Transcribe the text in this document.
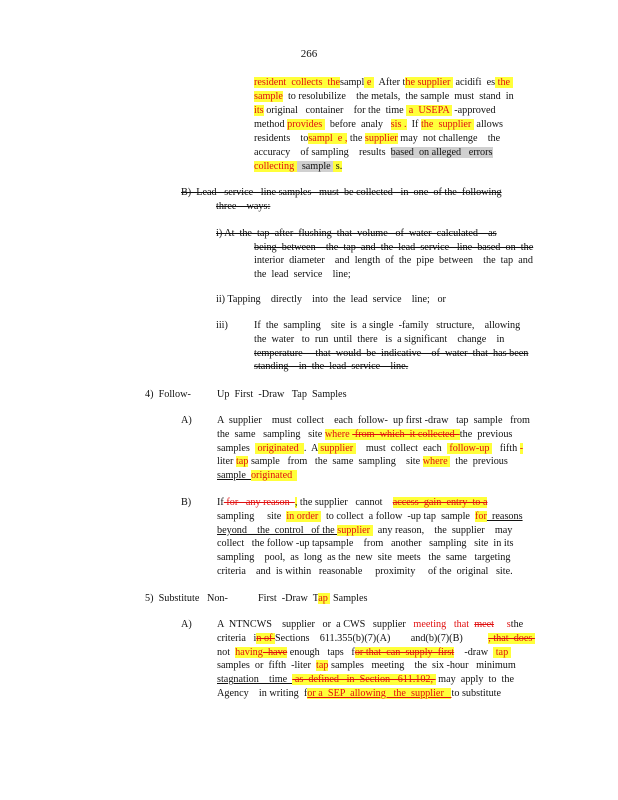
266
resident  collects  thesampl e   After the supplier  acidifi  es the
sample  to resolubilize    the metals,  the sample  must  stand  in
its original   container    for the  time  a  USEPA  -approved
method provides   before  analy   sis .  If the  supplier  allows
residents    tosampl  e , the supplier may  not challenge    the
accuracy    of sampling    results  based  on alleged   errors
collecting   sample  s.
B)  Lead   service   line samples   must  be collected   in  one  of the  following
three    ways:
i) At  the  tap  after  flushing  that  volume   of  water  calculated    as
being  between    the  tap  and  the  lead  service   line  based  on  the
interior  diameter    and  length  of  the  pipe  between    the  tap  and
the  lead  service    line;
ii) Tapping    directly    into  the  lead  service    line;   or
iii)	If  the  sampling    site  is  a single  -family   structure,    allowing
the  water   to  run  until  there   is  a significant    change    in
temperature     that  would  be  indicative    of  water  that  has been
standing    in  the  lead  service    line.
4)  Follow-	Up  First  -Draw   Tap  Samples
A) A  supplier    must  collect    each  follow-  up first -draw   tap  sample   from
the  same   sampling   site where  from  which  it collected  the  previous
samples   originated  .  A supplier     must  collect  each   follow-up    fifth -
liter tap sample   from   the  same  sampling    site where   the  previous
sample  originated
B)	If for   any reason  , the supplier   cannot    access  gain  entry  to a
sampling     site  in order   to collect  a follow  -up tap  sample  for  reasons
beyond    the  control   of the supplier   any reason,    the  supplier    may
collect   the follow -up tapsample    from   another   sampling   site  in its
sampling    pool,  as  long  as the  new  site  meets   the  same   targeting
criteria    and  is within   reasonable     proximity     of the  original   site.
5)  Substitute   Non-	First  -Draw  Tap  Samples
A) A  NTNCWS    supplier   or  a CWS   supplier   meeting   that  meet     sthe
criteria   in of Sections    611.355(b)(7)(A)        and(b)(7)(B)          , that  does
not  having  have enough   taps   for that  can  supply  first    -draw   tap
samples  or  fifth  -liter  tap samples   meeting    the  six -hour   minimum
stagnation    time   as  defined   in  Section   611.102,  may  apply  to  the
Agency    in writing  for a  SEP  allowing   the  supplier   to substitute
